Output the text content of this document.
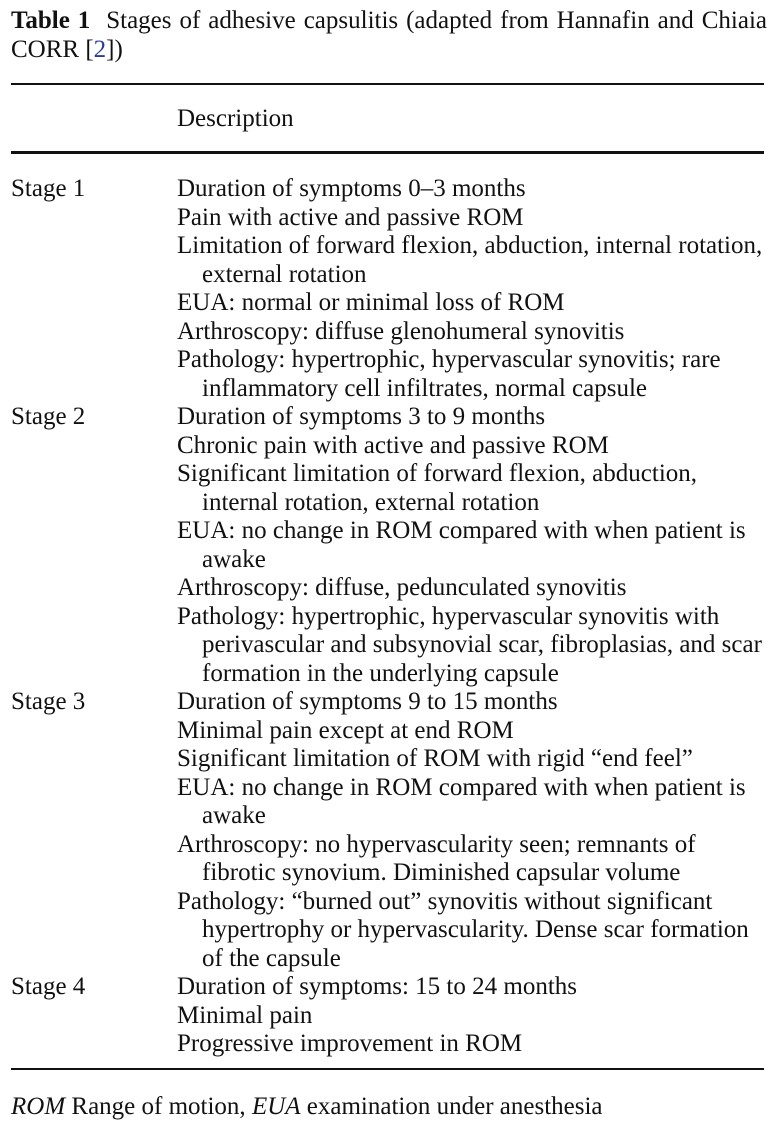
Table 1 Stages of adhesive capsulitis (adapted from Hannafin and Chiaia CORR [2])
Description
Stage 1	Duration of symptoms 0–3 months
Pain with active and passive ROM
Limitation of forward flexion, abduction, internal rotation, external rotation
EUA: normal or minimal loss of ROM
Arthroscopy: diffuse glenohumeral synovitis
Pathology: hypertrophic, hypervascular synovitis; rare inflammatory cell infiltrates, normal capsule
Stage 2	Duration of symptoms 3 to 9 months
Chronic pain with active and passive ROM
Significant limitation of forward flexion, abduction, internal rotation, external rotation
EUA: no change in ROM compared with when patient is awake
Arthroscopy: diffuse, pedunculated synovitis
Pathology: hypertrophic, hypervascular synovitis with perivascular and subsynovial scar, fibroplasias, and scar formation in the underlying capsule
Stage 3	Duration of symptoms 9 to 15 months
Minimal pain except at end ROM
Significant limitation of ROM with rigid “end feel”
EUA: no change in ROM compared with when patient is awake
Arthroscopy: no hypervascularity seen; remnants of fibrotic synovium. Diminished capsular volume
Pathology: “burned out” synovitis without significant hypertrophy or hypervascularity. Dense scar formation of the capsule
Stage 4	Duration of symptoms: 15 to 24 months
Minimal pain
Progressive improvement in ROM
ROM Range of motion, EUA examination under anesthesia
